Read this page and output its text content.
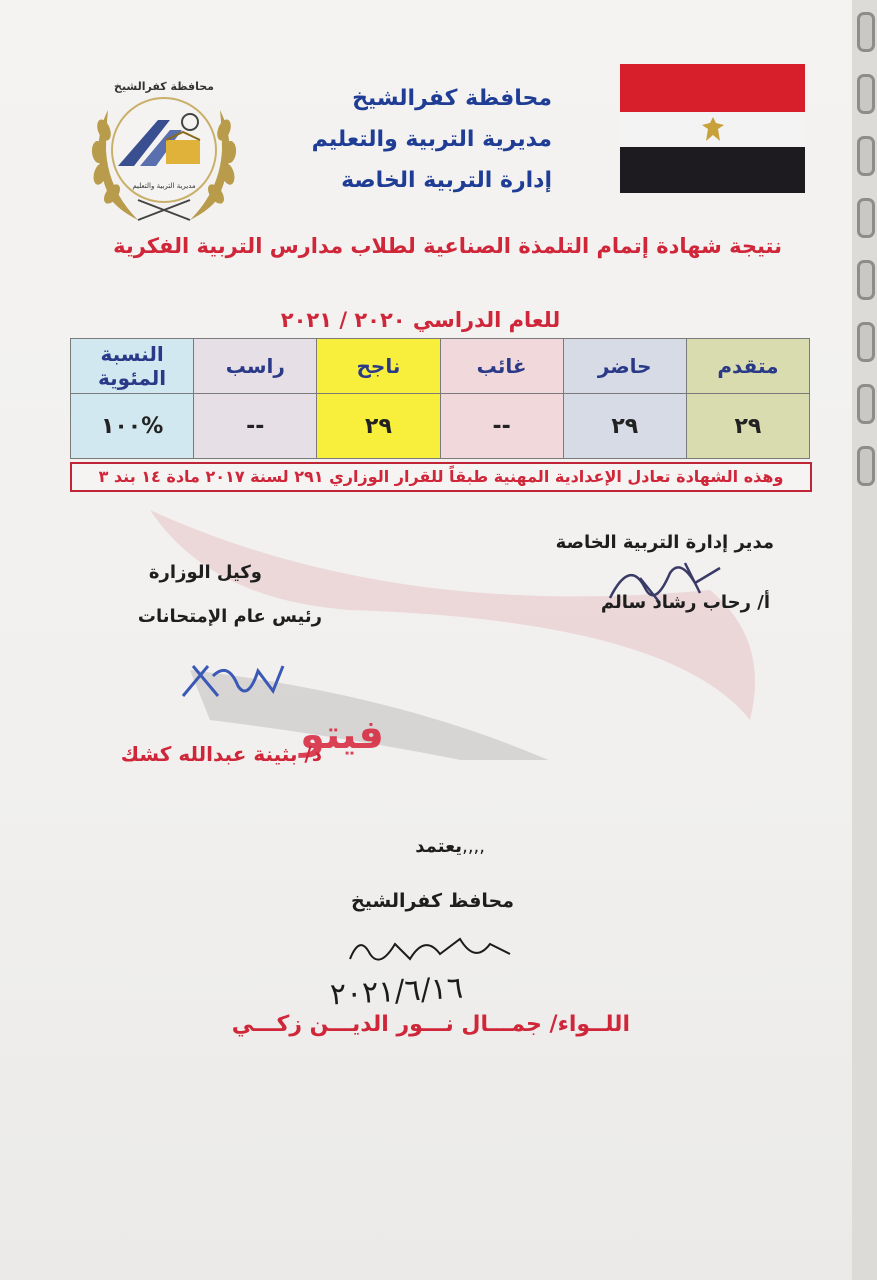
محافظة كفرالشيخ
مديرية التربية والتعليم
محافظة كفرالشيخ
مديرية التربية والتعليم
إدارة التربية الخاصة
نتيجة شهادة إتمام التلمذة الصناعية لطلاب مدارس التربية الفكرية
للعام الدراسي ٢٠٢٠ / ٢٠٢١
متقدم	حاضر	غائب	ناجح	راسب	النسبة المئوية
٢٩	٢٩	--	٢٩	--	%١٠٠
وهذه الشهادة تعادل الإعدادية المهنية طبقاً للقرار الوزاري ٢٩١ لسنة ٢٠١٧ مادة ١٤ بند ٣
مدير إدارة التربية الخاصة
أ/ رحاب رشاد سالم
وكيل الوزارة
رئيس عام الإمتحانات
فيتو
د/ بثينة عبدالله كشك
يعتمد ,,,,
محافظ كفرالشيخ
٢٠٢١/٦/١٦
اللــواء/ جمـــال نـــور الديـــن زكـــي
